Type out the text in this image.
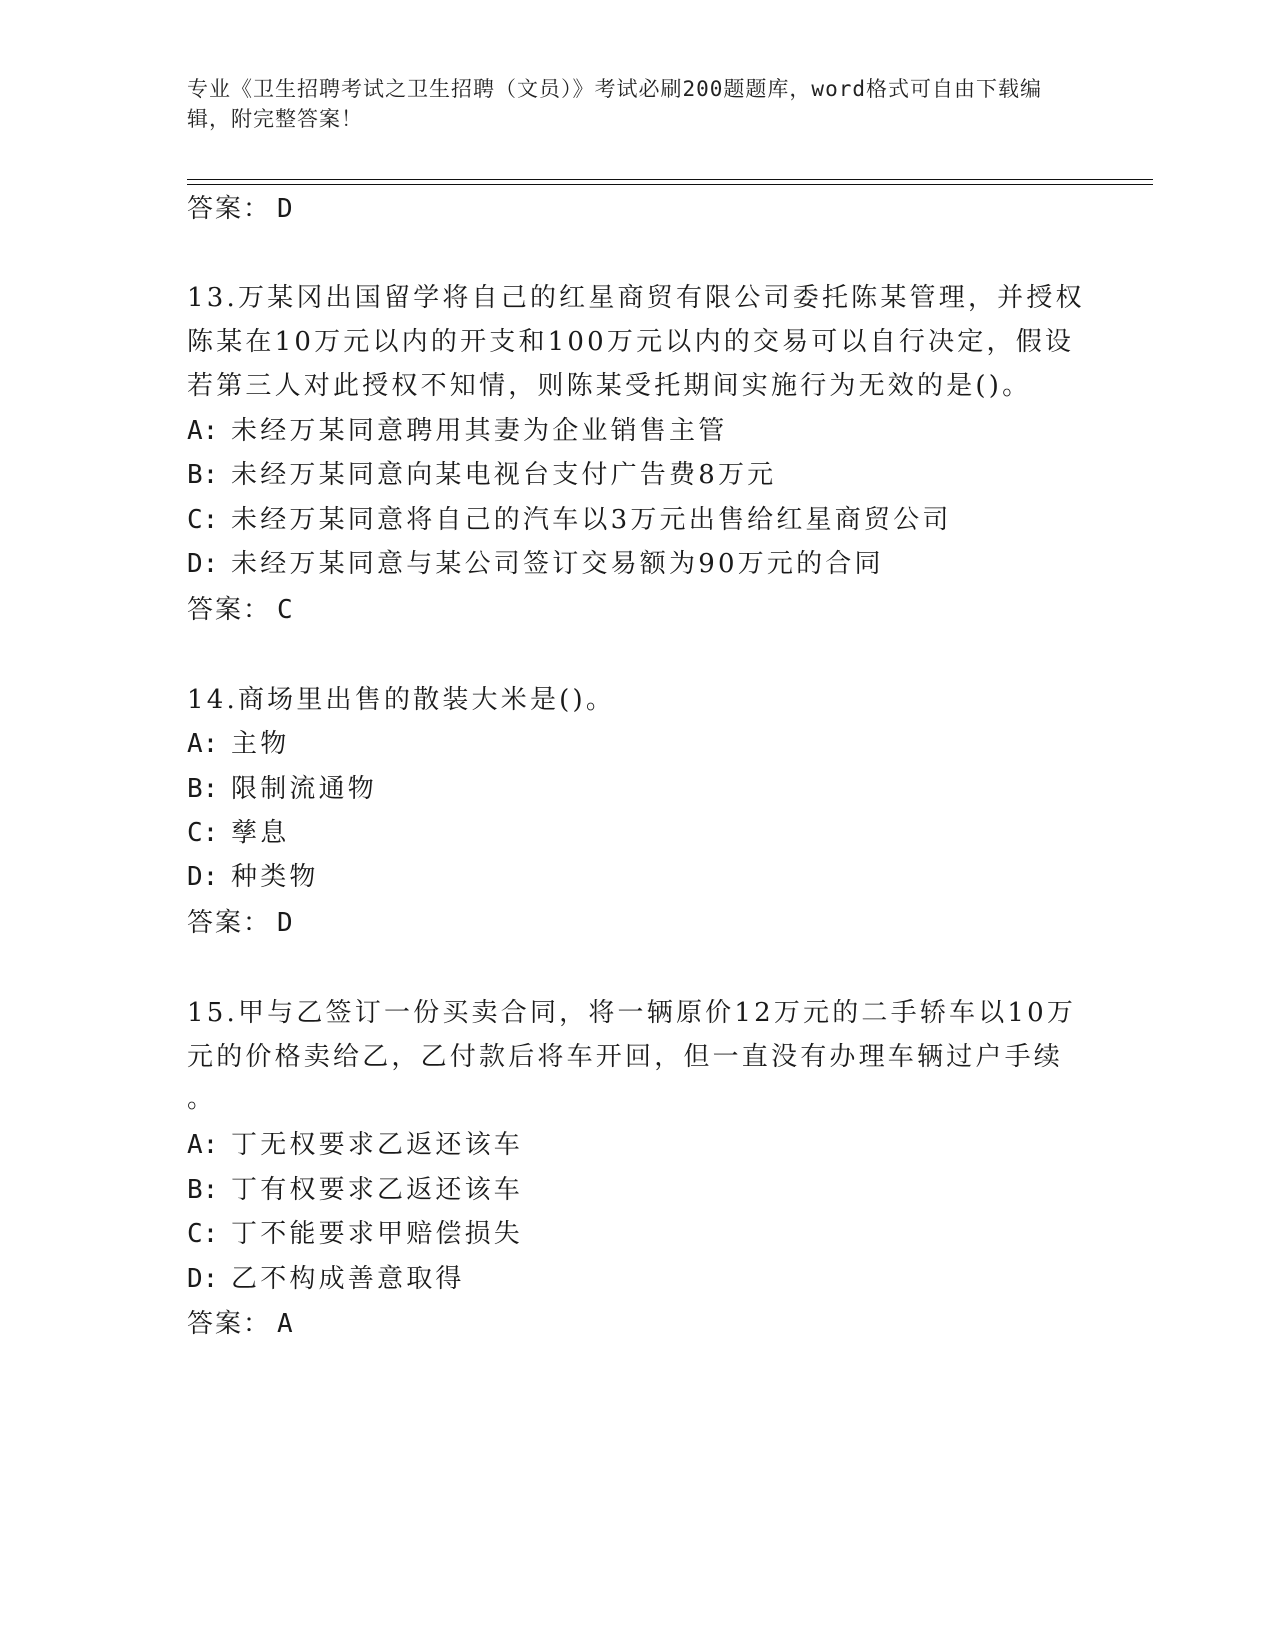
专业《卫生招聘考试之卫生招聘（文员）》考试必刷200题题库，word格式可自由下载编辑，附完整答案！
答案： D
13.万某冈出国留学将自己的红星商贸有限公司委托陈某管理，并授权
陈某在10万元以内的开支和100万元以内的交易可以自行决定，假设
若第三人对此授权不知情，则陈某受托期间实施行为无效的是()。
A: 未经万某同意聘用其妻为企业销售主管
B: 未经万某同意向某电视台支付广告费8万元
C: 未经万某同意将自己的汽车以3万元出售给红星商贸公司
D: 未经万某同意与某公司签订交易额为90万元的合同
答案： C
14.商场里出售的散装大米是()。
A: 主物
B: 限制流通物
C: 孳息
D: 种类物
答案： D
15.甲与乙签订一份买卖合同，将一辆原价12万元的二手轿车以10万
元的价格卖给乙，乙付款后将车开回，但一直没有办理车辆过户手续
。
A: 丁无权要求乙返还该车
B: 丁有权要求乙返还该车
C: 丁不能要求甲赔偿损失
D: 乙不构成善意取得
答案： A
